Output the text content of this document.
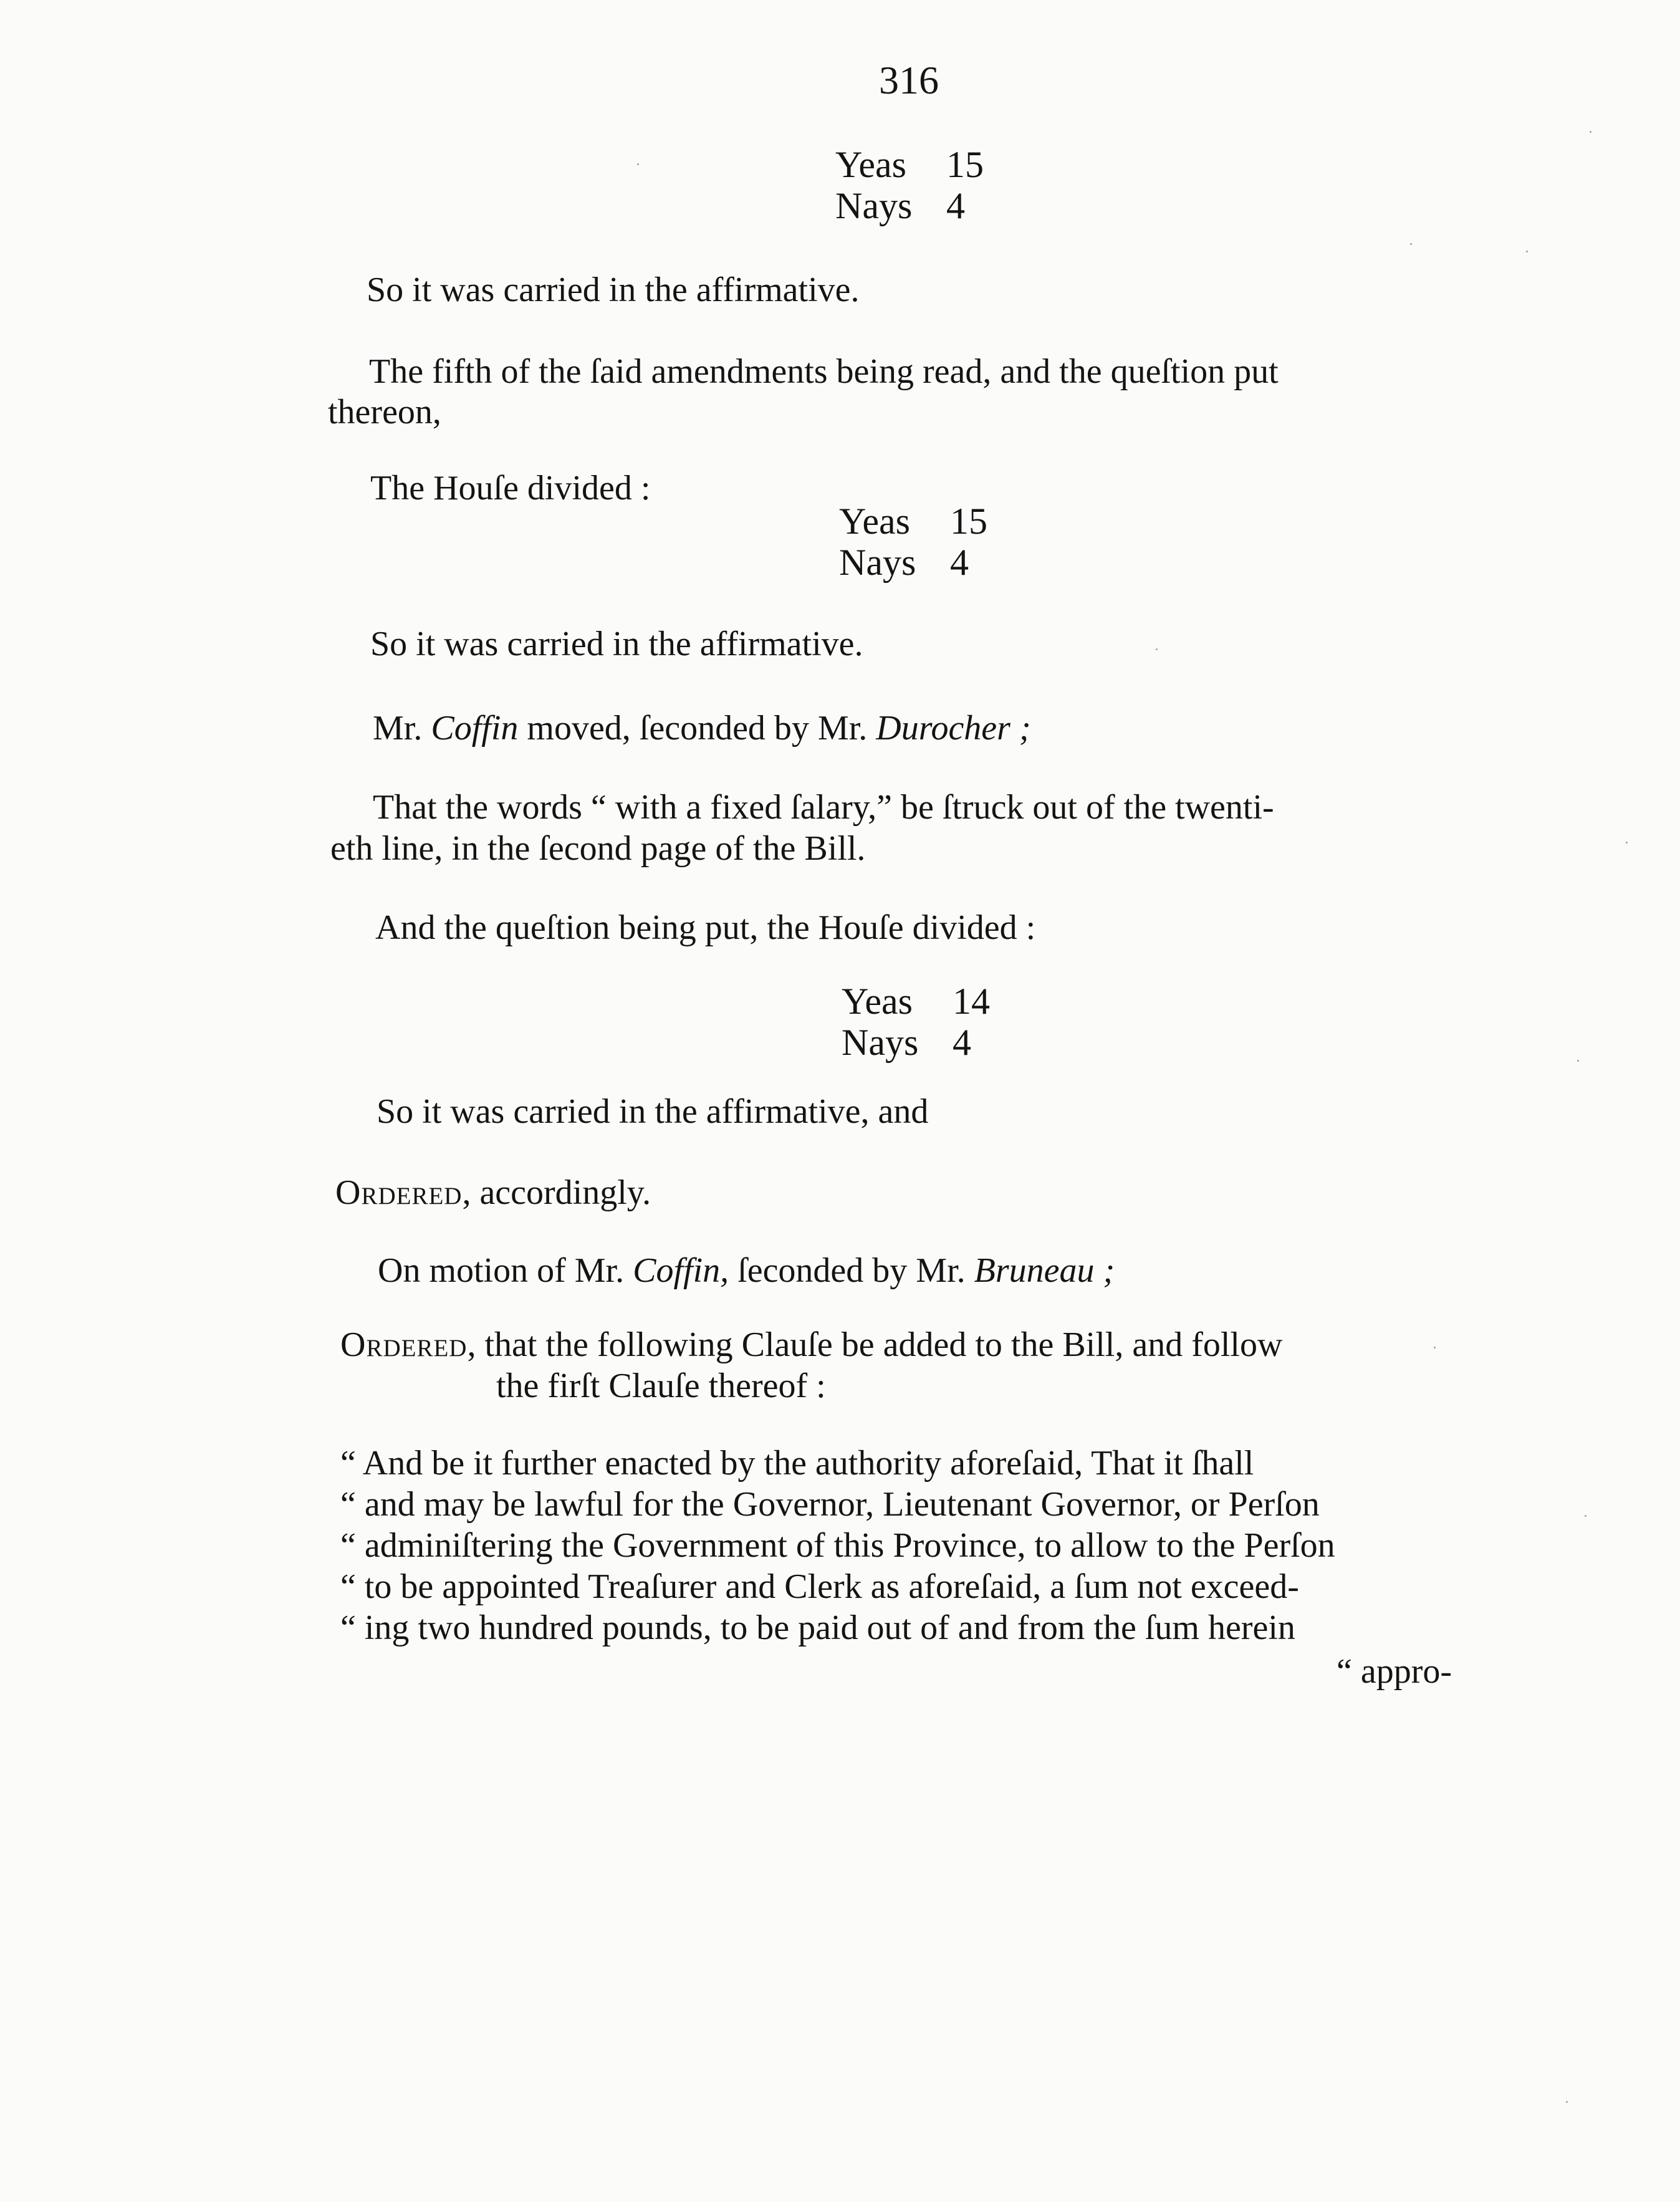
316
Yeas 15
Nays 4
So it was carried in the affirmative.
The fifth of the ſaid amendments being read, and the queſtion put
thereon,
The Houſe divided :
Yeas 15
Nays 4
So it was carried in the affirmative.
Mr. Coffin moved, ſeconded by Mr. Durocher ;
That the words “ with a fixed ſalary,” be ſtruck out of the twenti-
eth line, in the ſecond page of the Bill.
And the queſtion being put, the Houſe divided :
Yeas 14
Nays 4
So it was carried in the affirmative, and
Ordered, accordingly.
On motion of Mr. Coffin, ſeconded by Mr. Bruneau ;
Ordered, that the following Clauſe be added to the Bill, and follow
the firſt Clauſe thereof :
“ And be it further enacted by the authority aforeſaid, That it ſhall
“ and may be lawful for the Governor, Lieutenant Governor, or Perſon
“ adminiſtering the Government of this Province, to allow to the Perſon
“ to be appointed Treaſurer and Clerk as aforeſaid, a ſum not exceed-
“ ing two hundred pounds, to be paid out of and from the ſum herein
“ appro-
